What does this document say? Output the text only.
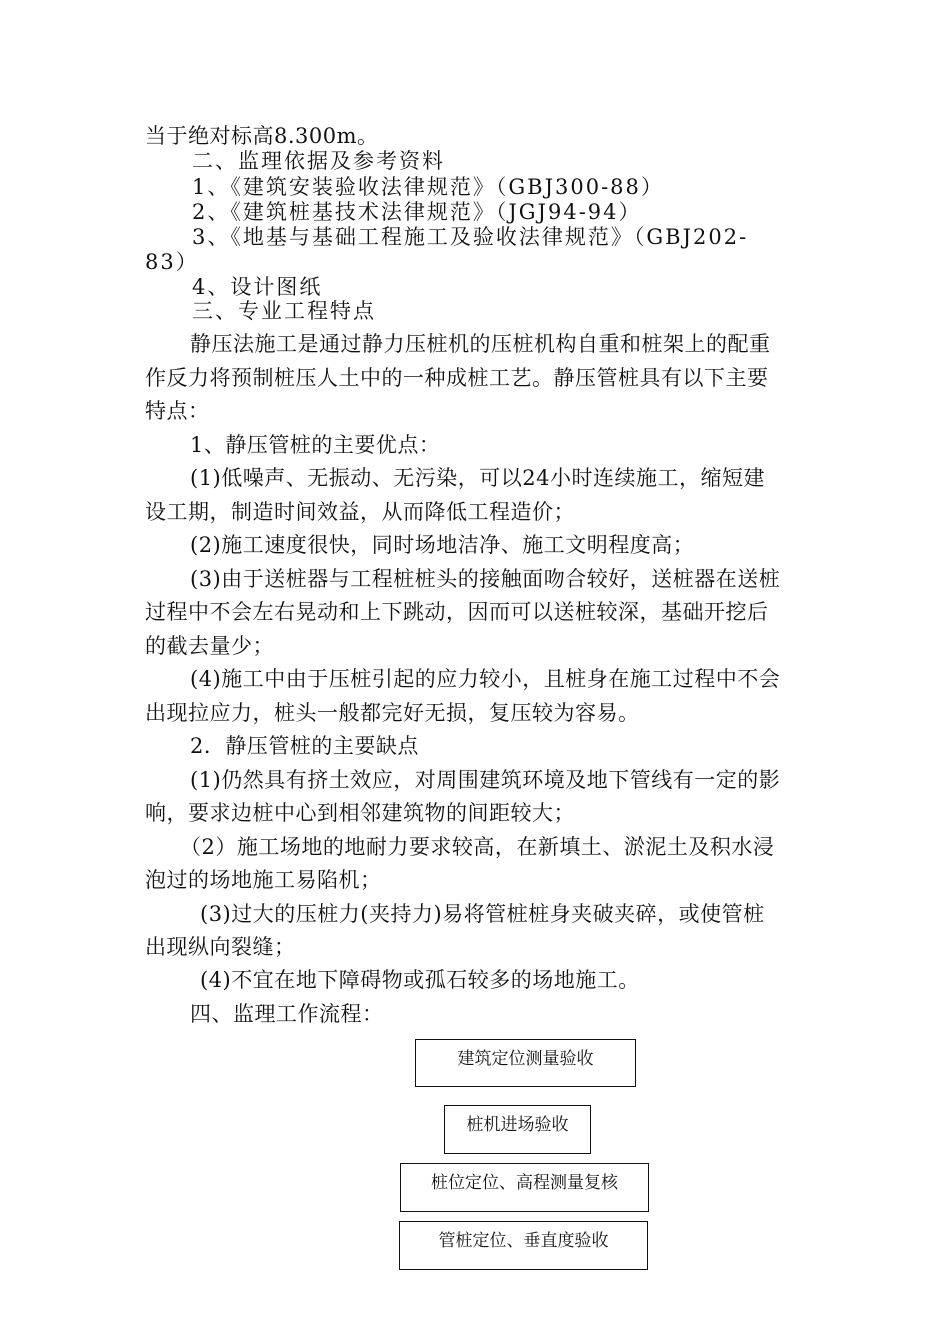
当于绝对标高8.300m。
二、监理依据及参考资料
1、《建筑安装验收法律规范》（GBJ300-88）
2、《建筑桩基技术法律规范》（JGJ94-94）
3、《地基与基础工程施工及验收法律规范》（GBJ202-
83）
4、设计图纸
三、专业工程特点
静压法施工是通过静力压桩机的压桩机构自重和桩架上的配重
作反力将预制桩压人土中的一种成桩工艺。静压管桩具有以下主要
特点：
1、静压管桩的主要优点：
(1)低噪声、无振动、无污染，可以24小时连续施工，缩短建
设工期，制造时间效益，从而降低工程造价；
(2)施工速度很快，同时场地洁净、施工文明程度高；
(3)由于送桩器与工程桩桩头的接触面吻合较好，送桩器在送桩
过程中不会左右晃动和上下跳动，因而可以送桩较深，基础开挖后
的截去量少；
(4)施工中由于压桩引起的应力较小，且桩身在施工过程中不会
出现拉应力，桩头一般都完好无损，复压较为容易。
2．静压管桩的主要缺点
(1)仍然具有挤土效应，对周围建筑环境及地下管线有一定的影
响，要求边桩中心到相邻建筑物的间距较大；
（2）施工场地的地耐力要求较高，在新填土、淤泥土及积水浸
泡过的场地施工易陷机；
(3)过大的压桩力(夹持力)易将管桩桩身夹破夹碎，或使管桩
出现纵向裂缝；
(4)不宜在地下障碍物或孤石较多的场地施工。
四、监理工作流程：
建筑定位测量验收
桩机进场验收
桩位定位、高程测量复核
管桩定位、垂直度验收
